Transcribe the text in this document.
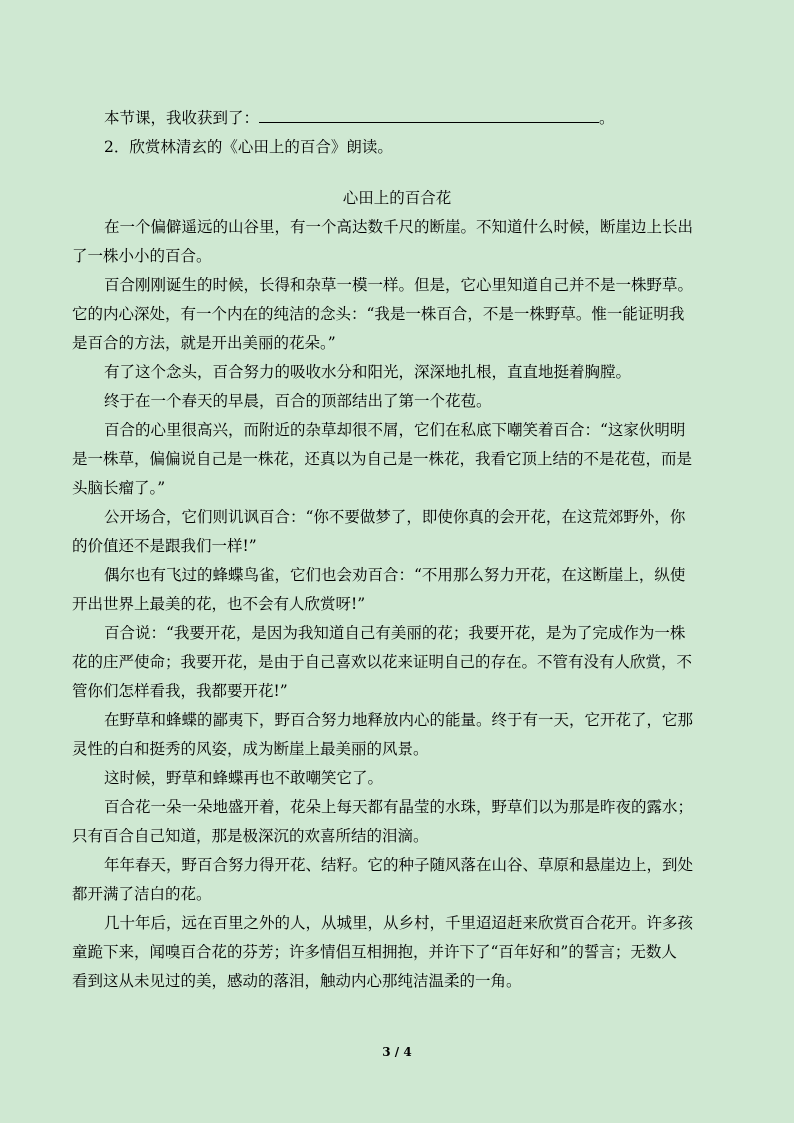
本节课，我收获到了：	。

2．欣赏林清玄的《心田上的百合》朗读。

心田上的百合花

在一个偏僻遥远的山谷里，有一个高达数千尺的断崖。不知道什么时候，断崖边上长出

了一株小小的百合。

百合刚刚诞生的时候，长得和杂草一模一样。但是，它心里知道自己并不是一株野草。

它的内心深处，有一个内在的纯洁的念头：“我是一株百合，不是一株野草。惟一能证明我

是百合的方法，就是开出美丽的花朵。”

有了这个念头，百合努力的吸收水分和阳光，深深地扎根，直直地挺着胸膛。

终于在一个春天的早晨，百合的顶部结出了第一个花苞。

百合的心里很高兴，而附近的杂草却很不屑，它们在私底下嘲笑着百合：“这家伙明明

是一株草，偏偏说自己是一株花，还真以为自己是一株花，我看它顶上结的不是花苞，而是

头脑长瘤了。”

公开场合，它们则讥讽百合：“你不要做梦了，即使你真的会开花，在这荒郊野外，你

的价值还不是跟我们一样!”

偶尔也有飞过的蜂蝶鸟雀，它们也会劝百合：“不用那么努力开花，在这断崖上，纵使

开出世界上最美的花，也不会有人欣赏呀!”

百合说：“我要开花，是因为我知道自己有美丽的花；我要开花，是为了完成作为一株

花的庄严使命；我要开花，是由于自己喜欢以花来证明自己的存在。不管有没有人欣赏，不

管你们怎样看我，我都要开花!”

在野草和蜂蝶的鄙夷下，野百合努力地释放内心的能量。终于有一天，它开花了，它那

灵性的白和挺秀的风姿，成为断崖上最美丽的风景。

这时候，野草和蜂蝶再也不敢嘲笑它了。

百合花一朵一朵地盛开着，花朵上每天都有晶莹的水珠，野草们以为那是昨夜的露水；

只有百合自己知道，那是极深沉的欢喜所结的泪滴。

年年春天，野百合努力得开花、结籽。它的种子随风落在山谷、草原和悬崖边上，到处

都开满了洁白的花。

几十年后，远在百里之外的人，从城里，从乡村，千里迢迢赶来欣赏百合花开。许多孩

童跪下来，闻嗅百合花的芬芳；许多情侣互相拥抱，并许下了“百年好和”的誓言；无数人

看到这从未见过的美，感动的落泪，触动内心那纯洁温柔的一角。

3 / 4
